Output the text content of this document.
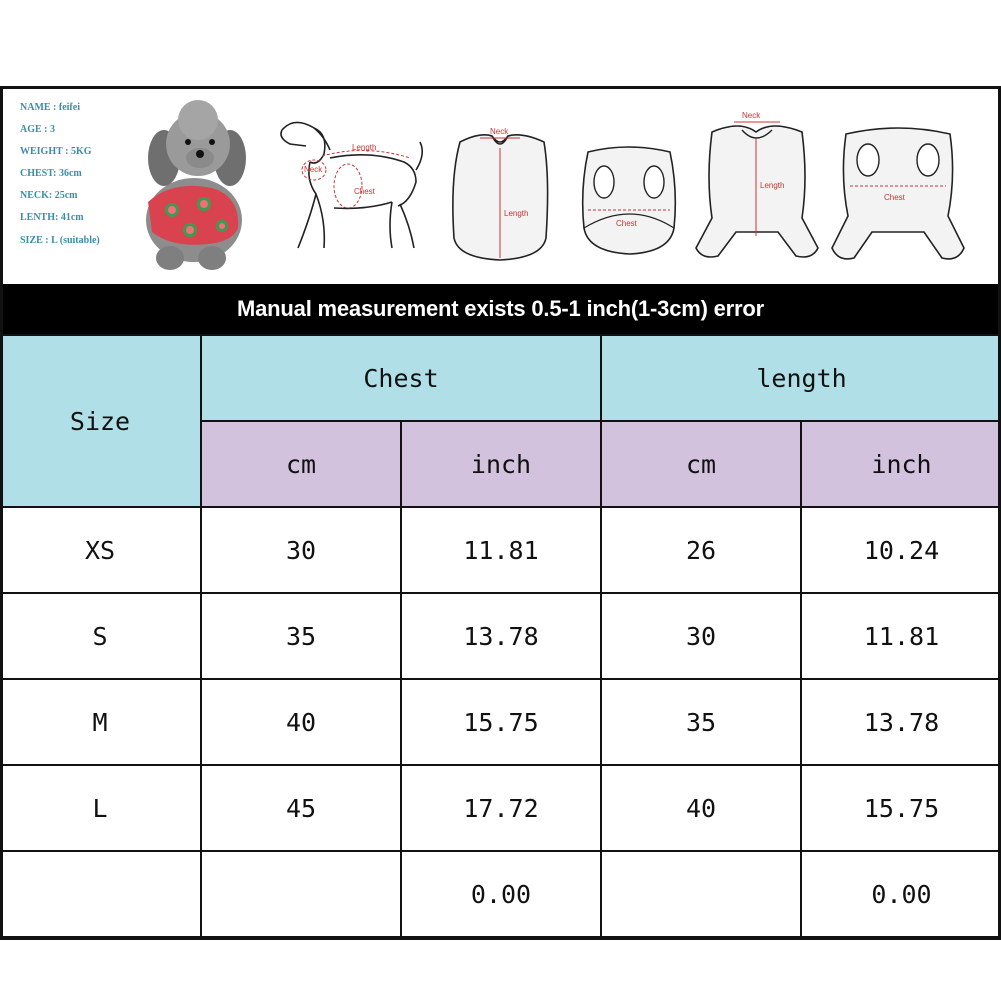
NAME : feifei
AGE : 3
WEIGHT : 5KG
CHEST: 36cm
NECK: 25cm
LENTH: 41cm
SIZE : L (suitable)
Length
Neck
Chest
Neck
Length
Chest
Neck
Length
Chest
Manual measurement exists 0.5-1 inch(1-3cm) error
Size	Chest		length	
	cm	inch	cm	inch
XS	30	11.81	26	10.24
S	35	13.78	30	11.81
M	40	15.75	35	13.78
L	45	17.72	40	15.75
		0.00		0.00
